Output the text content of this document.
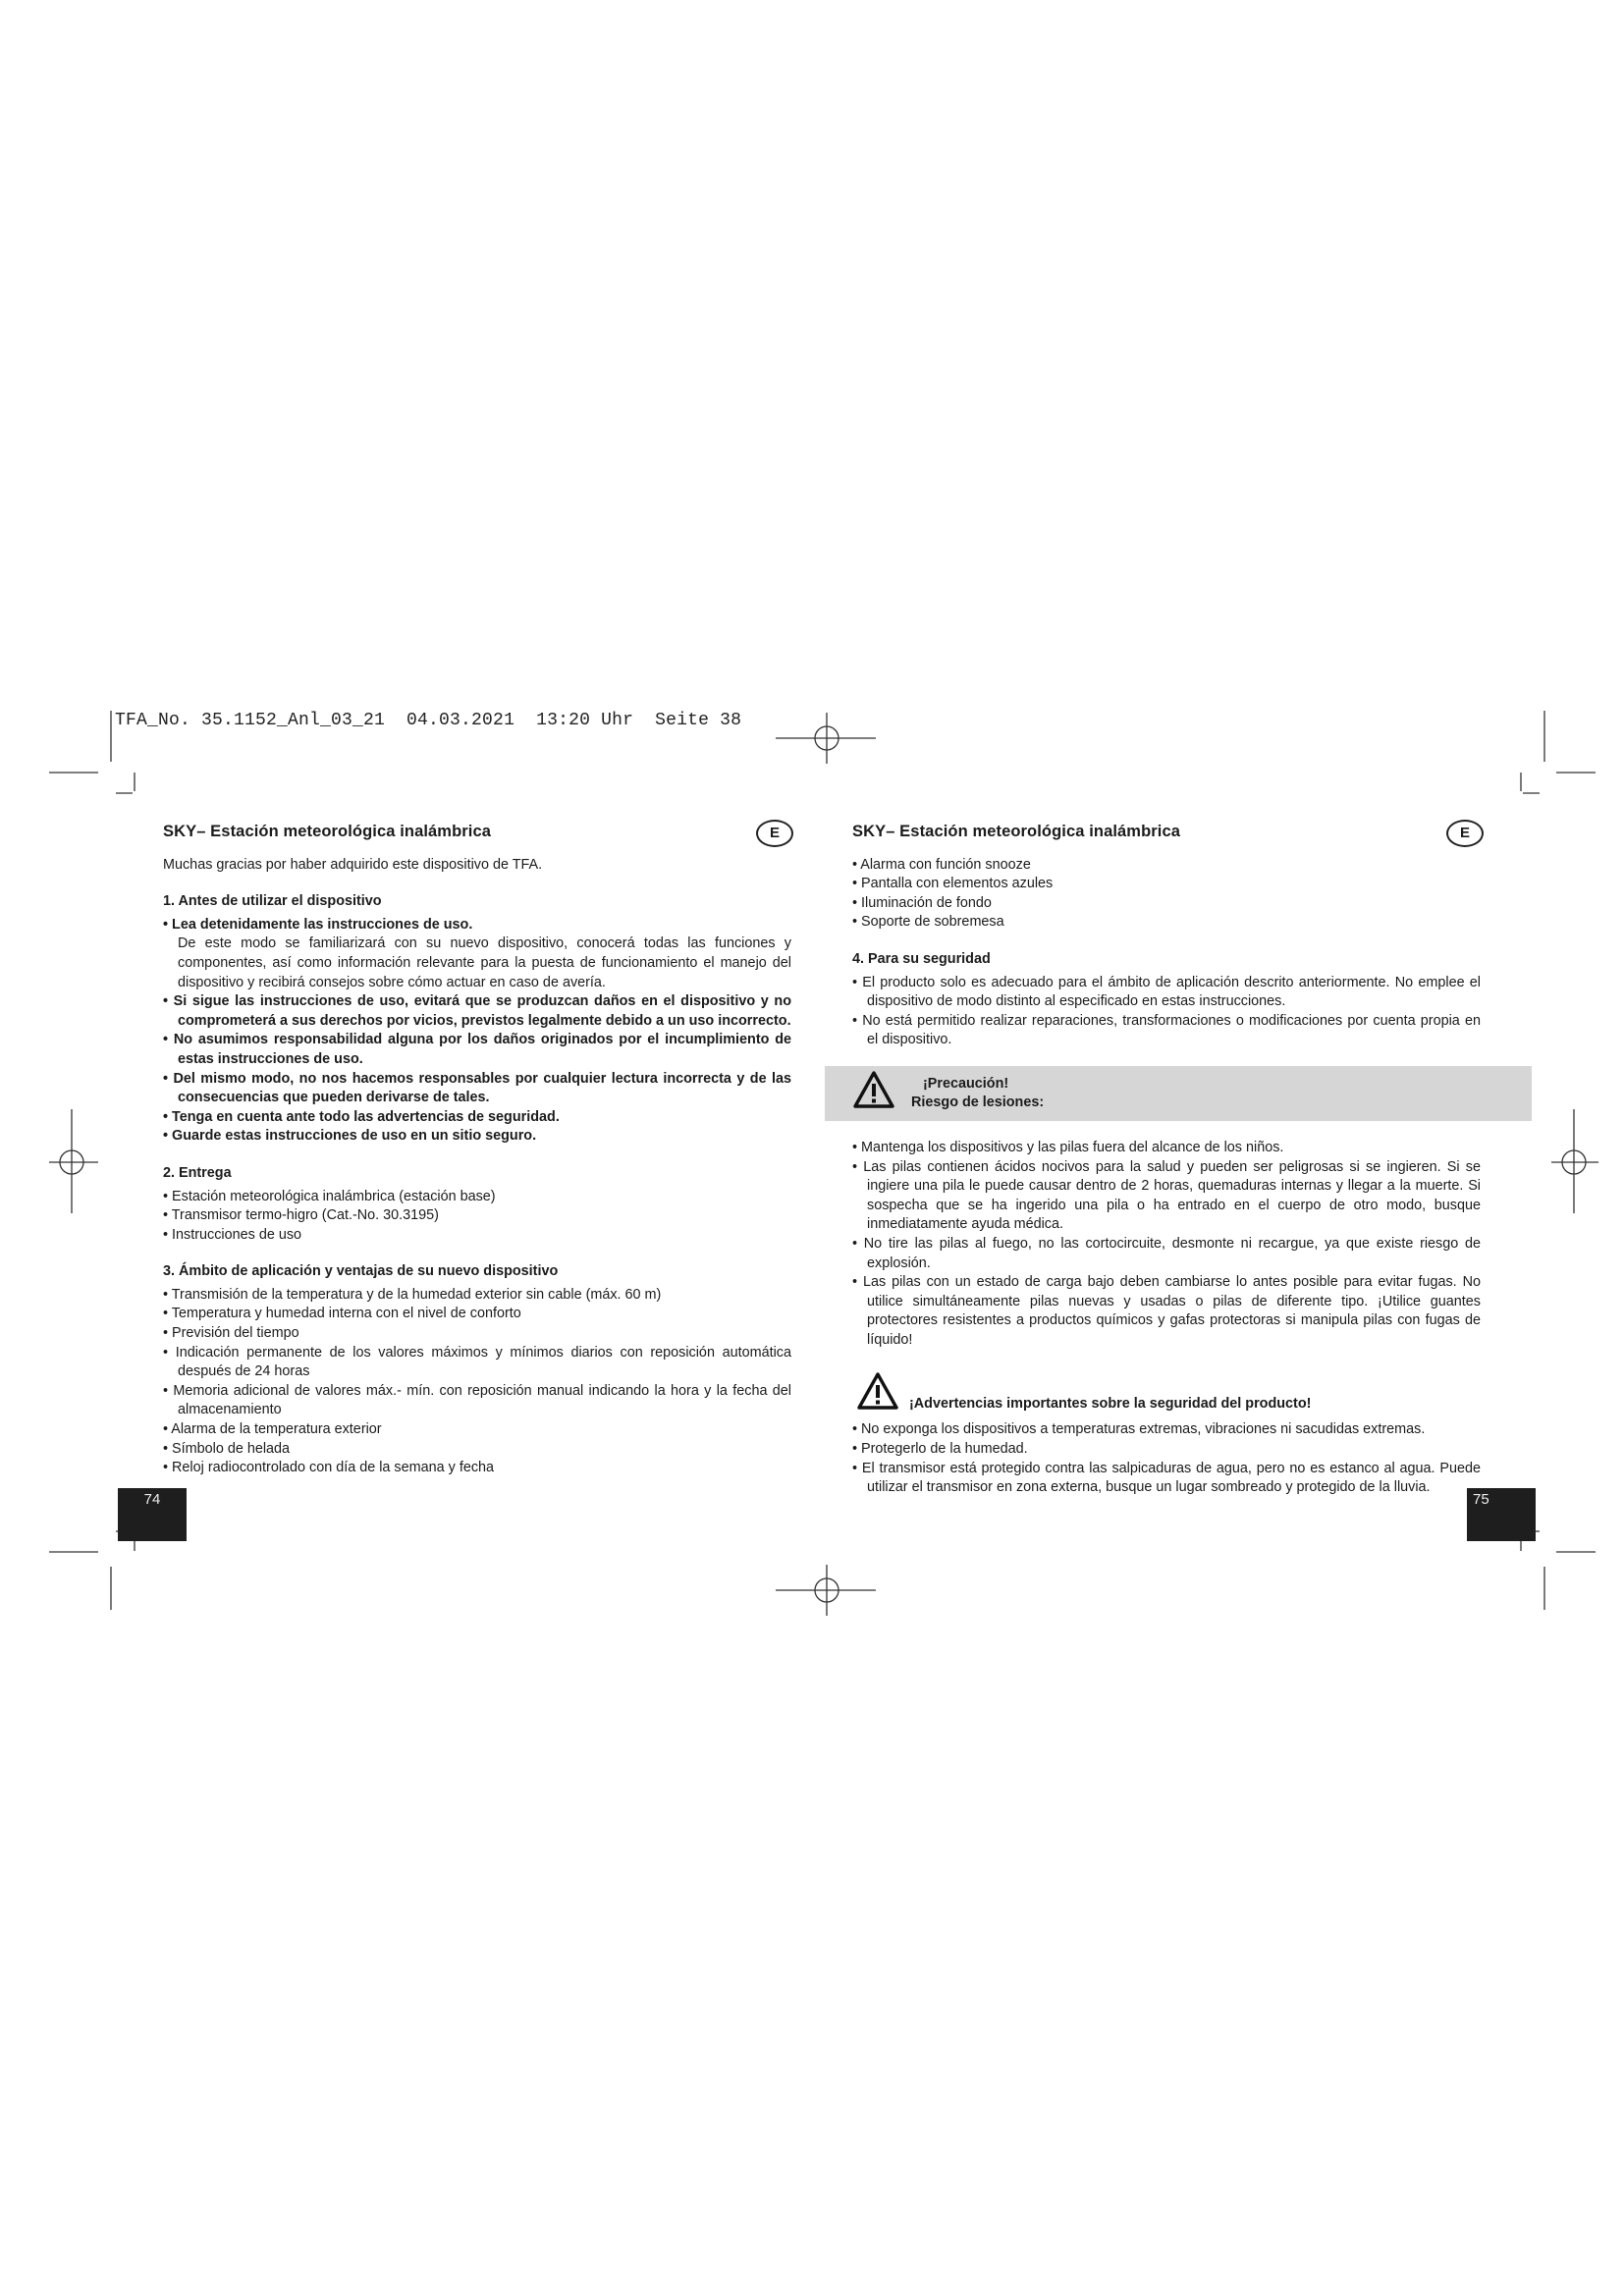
TFA_No. 35.1152_Anl_03_21  04.03.2021  13:20 Uhr  Seite 38

SKY– Estación meteorológica inalámbrica

Muchas gracias por haber adquirido este dispositivo de TFA.

1. Antes de utilizar el dispositivo

• Lea detenidamente las instrucciones de uso.

De este modo se familiarizará con su nuevo dispositivo, conocerá todas las funciones y componentes, así como información relevante para la puesta de funcionamiento el manejo del dispositivo y recibirá consejos sobre cómo actuar en caso de avería.

• Si sigue las instrucciones de uso, evitará que se produzcan daños en el dispositivo y no comprometerá a sus derechos por vicios, previstos legalmente debido a un uso incorrecto.

• No asumimos responsabilidad alguna por los daños originados por el incumplimiento de estas instrucciones de uso.

• Del mismo modo, no nos hacemos responsables por cualquier lectura incorrecta y de las consecuencias que pueden derivarse de tales.

• Tenga en cuenta ante todo las advertencias de seguridad.

• Guarde estas instrucciones de uso en un sitio seguro.

2. Entrega

• Estación meteorológica inalámbrica (estación base)

• Transmisor termo-higro (Cat.-No. 30.3195)

• Instrucciones de uso

3. Ámbito de aplicación y ventajas de su nuevo dispositivo

• Transmisión de la temperatura y de la humedad exterior sin cable (máx. 60 m)

• Temperatura y humedad interna con el nivel de conforto

• Previsión del tiempo

• Indicación permanente de los valores máximos y mínimos diarios con reposición automática después de 24 horas

• Memoria adicional de valores máx.- mín. con reposición manual indicando la hora y la fecha del almacenamiento

• Alarma de la temperatura exterior

• Símbolo de helada

• Reloj radiocontrolado con día de la semana y fecha

E
74

SKY– Estación meteorológica inalámbrica

• Alarma con función snooze

• Pantalla con elementos azules

• Iluminación de fondo

• Soporte de sobremesa

4. Para su seguridad

• El producto solo es adecuado para el ámbito de aplicación descrito anteriormente. No emplee el dispositivo de modo distinto al especificado en estas instrucciones.

• No está permitido realizar reparaciones, transformaciones o modificaciones por cuenta propia en el dispositivo.

¡Precaución!
Riesgo de lesiones:

• Mantenga los dispositivos y las pilas fuera del alcance de los niños.

• Las pilas contienen ácidos nocivos para la salud y pueden ser peligrosas si se ingieren. Si se ingiere una pila le puede causar dentro de 2 horas, quemaduras internas y llegar a la muerte. Si sospecha que se ha ingerido una pila o ha entrado en el cuerpo de otro modo, busque inmediatamente ayuda médica.

• No tire las pilas al fuego, no las cortocircuite, desmonte ni recargue, ya que existe riesgo de explosión.

• Las pilas con un estado de carga bajo deben cambiarse lo antes posible para evitar fugas. No utilice simultáneamente pilas nuevas y usadas o pilas de diferente tipo. ¡Utilice guantes protectores resistentes a productos químicos y gafas protectoras si manipula pilas con fugas de líquido!

¡Advertencias importantes sobre la seguridad del producto!

• No exponga los dispositivos a temperaturas extremas, vibraciones ni sacudidas extremas.

• Protegerlo de la humedad.

• El transmisor está protegido contra las salpicaduras de agua, pero no es estanco al agua. Puede utilizar el transmisor en zona externa, busque un lugar sombreado y protegido de la lluvia.

E
75
